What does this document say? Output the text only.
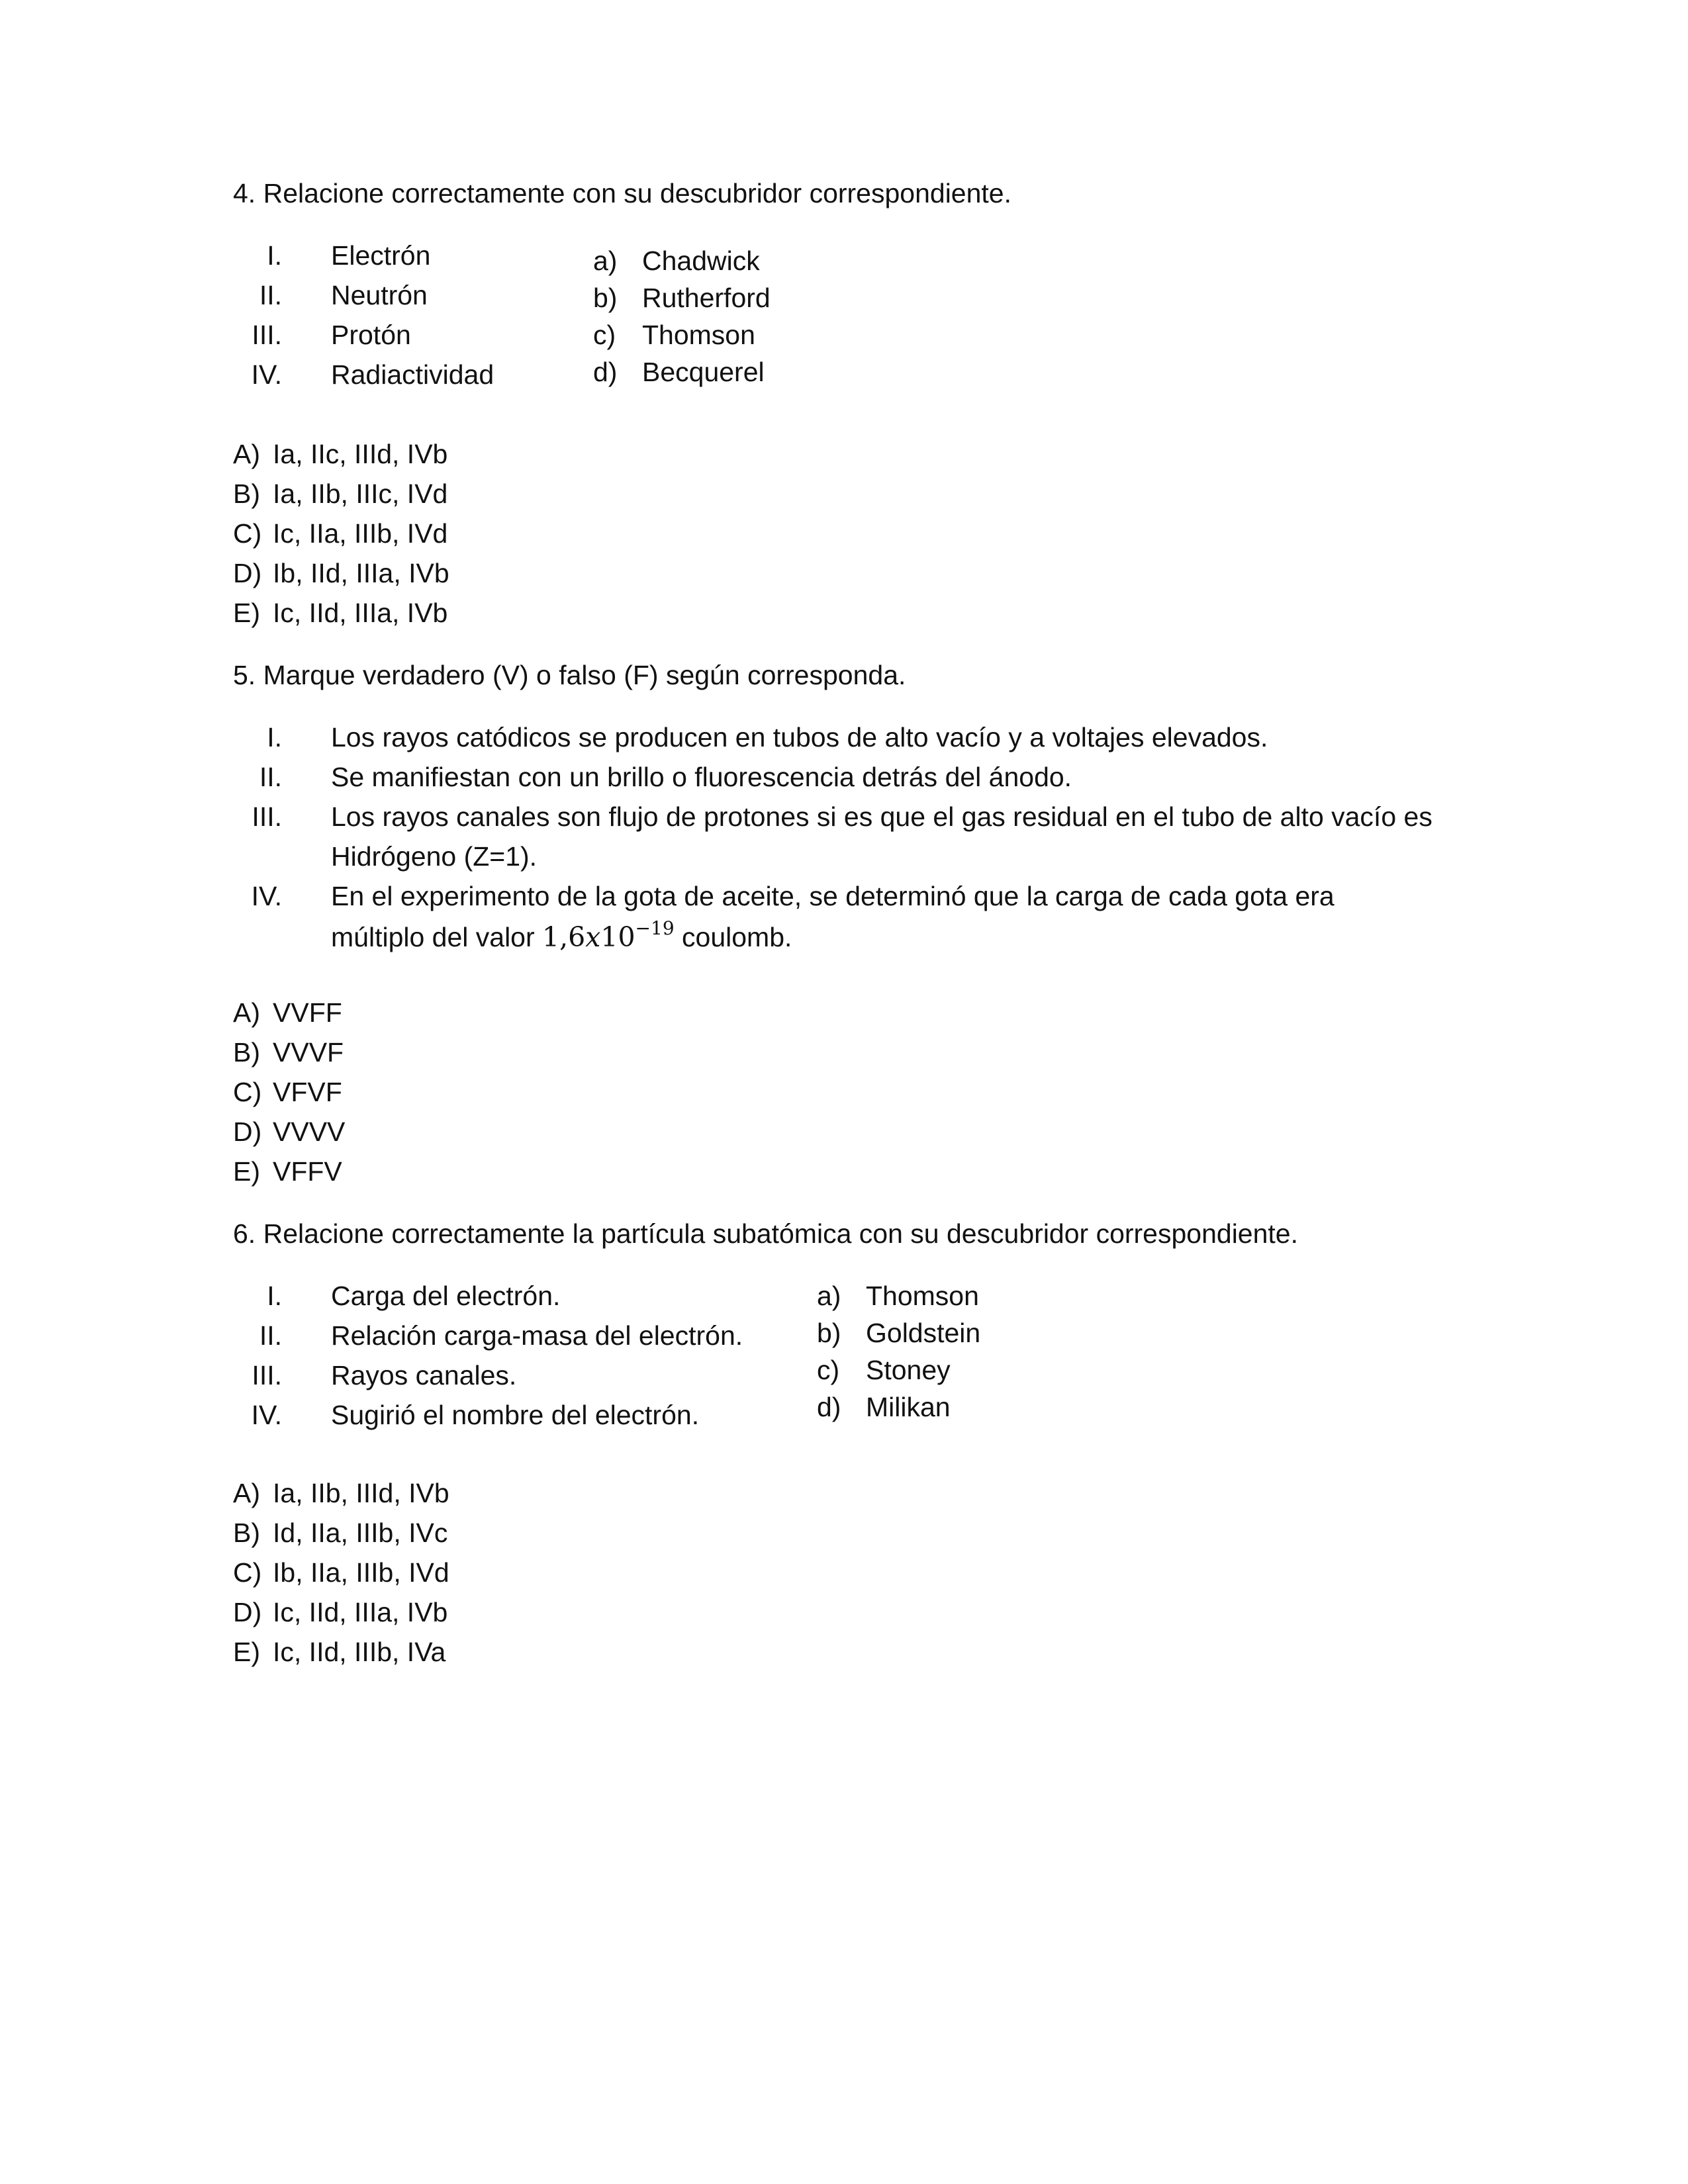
4. Relacione correctamente con su descubridor correspondiente.
I. Electrón
II. Neutrón
III. Protón
IV. Radiactividad
a) Chadwick
b) Rutherford
c) Thomson
d) Becquerel
A) Ia, IIc, IIId, IVb
B) Ia, IIb, IIIc, IVd
C) Ic, IIa, IIIb, IVd
D) Ib, IId, IIIa, IVb
E) Ic, IId, IIIa, IVb
5. Marque verdadero (V) o falso (F) según corresponda.
I. Los rayos catódicos se producen en tubos de alto vacío y a voltajes elevados.
II. Se manifiestan con un brillo o fluorescencia detrás del ánodo.
III. Los rayos canales son flujo de protones si es que el gas residual en el tubo de alto vacío es
Hidrógeno (Z=1).
IV. En el experimento de la gota de aceite, se determinó que la carga de cada gota era
múltiplo del valor $1,6x10^{-19}$ coulomb.
A) VVFF
B) VVVF
C) VFVF
D) VVVV
E) VFFV
6. Relacione correctamente la partícula subatómica con su descubridor correspondiente.
I. Carga del electrón.
II. Relación carga-masa del electrón.
III. Rayos canales.
IV. Sugirió el nombre del electrón.
a) Thomson
b) Goldstein
c) Stoney
d) Milikan
A) Ia, IIb, IIId, IVb
B) Id, IIa, IIIb, IVc
C) Ib, IIa, IIIb, IVd
D) Ic, IId, IIIa, IVb
E) Ic, IId, IIIb, IVa
